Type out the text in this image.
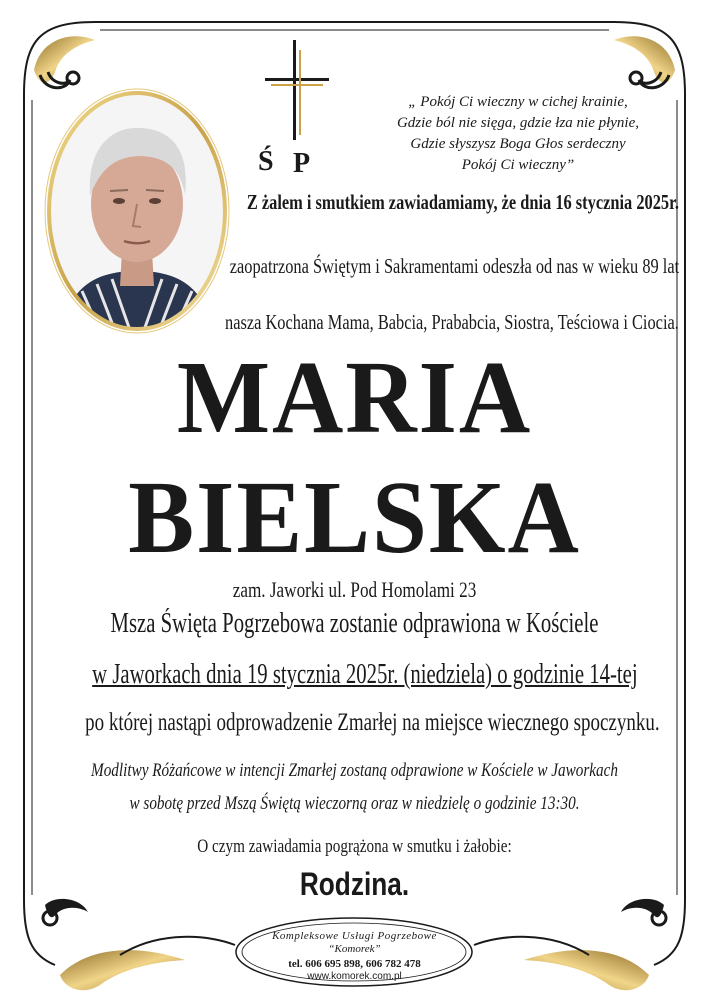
Ś P

„ Pokój Ci wieczny w cichej krainie,

Gdzie ból nie sięga, gdzie łza nie płynie,

Gdzie słyszysz Boga Głos serdeczny

Pokój Ci wieczny”

Z żalem i smutkiem zawiadamiamy, że dnia 16 stycznia 2025r.

zaopatrzona Świętym i Sakramentami odeszła od nas w wieku 89 lat

nasza Kochana Mama, Babcia, Prababcia, Siostra, Teściowa i Ciocia.

MARIA
BIELSKA

zam. Jaworki ul. Pod Homolami 23

Msza Święta Pogrzebowa zostanie odprawiona w Kościele

w Jaworkach dnia 19 stycznia 2025r. (niedziela) o godzinie 14-tej

po której nastąpi odprowadzenie Zmarłej na miejsce wiecznego spoczynku.

Modlitwy Różańcowe w intencji Zmarłej zostaną odprawione w Kościele w Jaworkach

w sobotę przed Mszą Świętą wieczorną oraz w niedzielę o godzinie 13:30.

O czym zawiadamia pogrążona w smutku i żałobie:

Rodzina.

Kompleksowe Usługi Pogrzebowe

“Komorek”

tel. 606 695 898, 606 782 478

www.komorek.com.pl
